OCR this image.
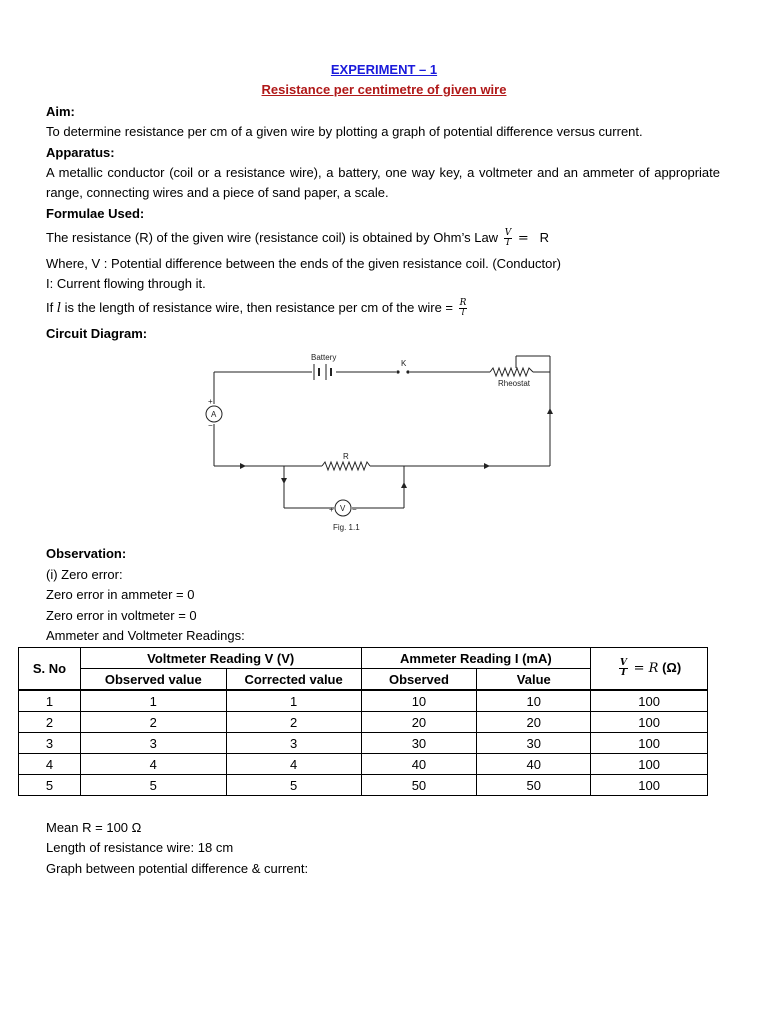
EXPERIMENT – 1
Resistance per centimetre of given wire
Aim:
To determine resistance per cm of a given wire by plotting a graph of potential difference versus current.
Apparatus:
A metallic conductor (coil or a resistance wire), a battery, one way key, a voltmeter and an ammeter of appropriate range, connecting wires and a piece of sand paper, a scale.
Formulae Used:
The resistance (R) of the given wire (resistance coil) is obtained by Ohm’s Law $\frac{V}{I} = R$
Where, V : Potential difference between the ends of the given resistance coil. (Conductor)
I: Current flowing through it.
If l is the length of resistance wire, then resistance per cm of the wire = $\frac{R}{l}$
Circuit Diagram:
Battery
K
Rheostat
A
+
−
R
V
+ −
Fig. 1.1
Observation:
(i) Zero error:
Zero error in ammeter = 0
Zero error in voltmeter = 0
Ammeter and Voltmeter Readings:
S. No	Voltmeter Reading V (V)		Ammeter Reading I (mA)		$\frac{V}{I} = R$ (Ω)
	Observed value	Corrected value	Observed	Value	
1	1	1	10	10	100
2	2	2	20	20	100
3	3	3	30	30	100
4	4	4	40	40	100
5	5	5	50	50	100
Mean R = 100 Ω
Length of resistance wire: 18 cm
Graph between potential difference & current:
